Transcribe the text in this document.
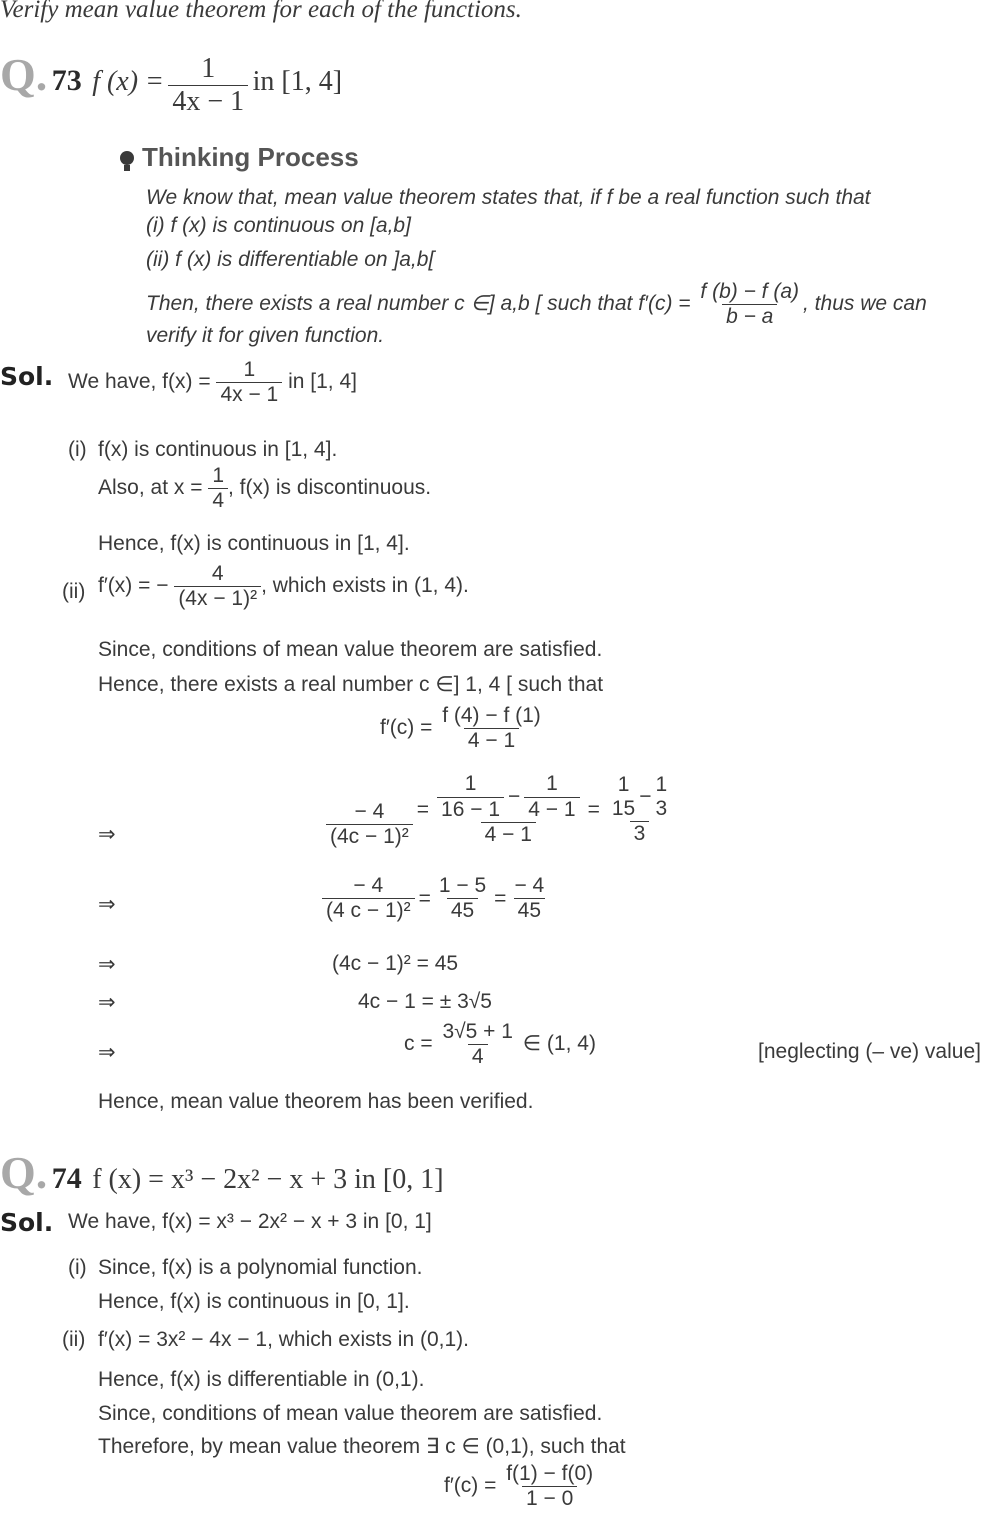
Verify mean value theorem for each of the functions.
Q. 73 f $(x) = \frac{1}{4x - 1}$ in [1, 4]
Thinking Process
We know that, mean value theorem states that, if f be a real function such that
(i) f (x) is continuous on [a,b]
(ii) f (x) is differentiable on ]a,b[
Then, there exists a real number c ∈] a,b [ such that $f'(c) = \frac{f (b) - f (a)}{b - a}$ , thus we can
verify it for given function.
Sol. We have, $f(x) = \frac{1}{4x - 1}$ in [1, 4]
(i) f(x) is continuous in [1, 4].
Also, at $x = \frac{1}{4}$ , f(x) is discontinuous.
Hence, f(x) is continuous in [1, 4].
(ii) f′(x) = − $\frac{4}{\text{(4x − 1)²}}$ , which exists in (1, 4).
Since, conditions of mean value theorem are satisfied.
Hence, there exists a real number c ∈] 1, 4 [ such that
$f'(c) = \frac{f (4) - f (1)}{4 - 1}$
⇒	$\frac{- 4}{\text{(4c − 1)²}} = \frac{1}{16 - 1} - \frac{1}{4 - 1}$
4 − 1
= 1
15
−
1
3
3
⇒	$\frac{- 4}{\text{(4 c − 1)²}} = \frac{1 - 5}{45} = \frac{- 4}{45}$
⇒	(4c − 1)² = 45
⇒	4c − 1 = ± 3√5
⇒	$c = \frac{3√5 + 1}{4}$ ∈ (1, 4)	[neglecting (– ve) value]
Hence, mean value theorem has been verified.
Q. 74 f (x) = x³ − 2x² − x + 3 in [0, 1]
Sol. We have, f(x) = x³ − 2x² − x + 3 in [0, 1]
(i) Since, f(x) is a polynomial function.
Hence, f(x) is continuous in [0, 1].
(ii) f′(x) = 3x² − 4x − 1, which exists in (0,1).
Hence, f(x) is differentiable in (0,1).
Since, conditions of mean value theorem are satisfied.
Therefore, by mean value theorem ∃ c ∈ (0,1), such that
$f'(c) = \frac{f(1) - f(0)}{1 - 0}$
